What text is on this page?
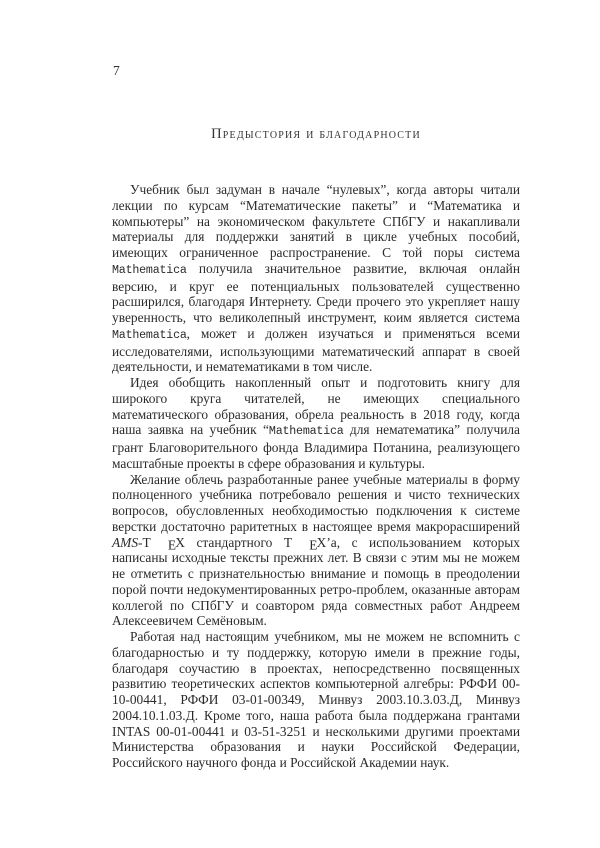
7
Предыстория и благодарности

Учебник был задуман в начале “нулевых”, когда авторы читали лекции по курсам “Математические пакеты” и “Математика и компьютеры” на экономическом факультете СПбГУ и накапливали материалы для поддержки занятий в цикле учебных пособий, имеющих ограниченное распространение. С той поры система Mathematica получила значительное развитие, включая онлайн версию, и круг ее потенциальных пользователей существенно расширился, благодаря Интернету. Среди прочего это укрепляет нашу уверенность, что великолепный инструмент, коим является система Mathematica, может и должен изучаться и применяться всеми исследователями, использующими математический аппарат в своей деятельности, и нематематиками в том числе.

Идея обобщить накопленный опыт и подготовить книгу для широкого круга читателей, не имеющих специального математического образования, обрела реальность в 2018 году, когда наша заявка на учебник “Mathematica для нематематика” получила грант Благоворительного фонда Владимира Потанина, реализующего масштабные проекты в сфере образования и культуры.

Желание облечь разработанные ранее учебные материалы в форму полноценного учебника потребовало решения и чисто технических вопросов, обусловленных необходимостью подключения к системе верстки достаточно раритетных в настоящее время макрорасширений AMS-T EX стандартного T EX’а, с использованием которых написаны исходные тексты прежних лет. В связи с этим мы не можем не отметить с признательностью внимание и помощь в преодолении порой почти недокументированных ретро-проблем, оказанные авторам коллегой по СПбГУ и соавтором ряда совместных работ Андреем Алексеевичем Семёновым.

Работая над настоящим учебником, мы не можем не вспомнить с благодарностью и ту поддержку, которую имели в прежние годы, благодаря соучастию в проектах, непосредственно посвященных развитию теоретических аспектов компьютерной алгебры: РФФИ 00-10-00441, РФФИ 03-01-00349, Минвуз 2003.10.3.03.Д, Минвуз 2004.10.1.03.Д. Кроме того, наша работа была поддержана грантами INTAS 00-01-00441 и 03-51-3251 и несколькими другими проектами Министерства образования и науки Российской Федерации, Российского научного фонда и Российской Академии наук.
